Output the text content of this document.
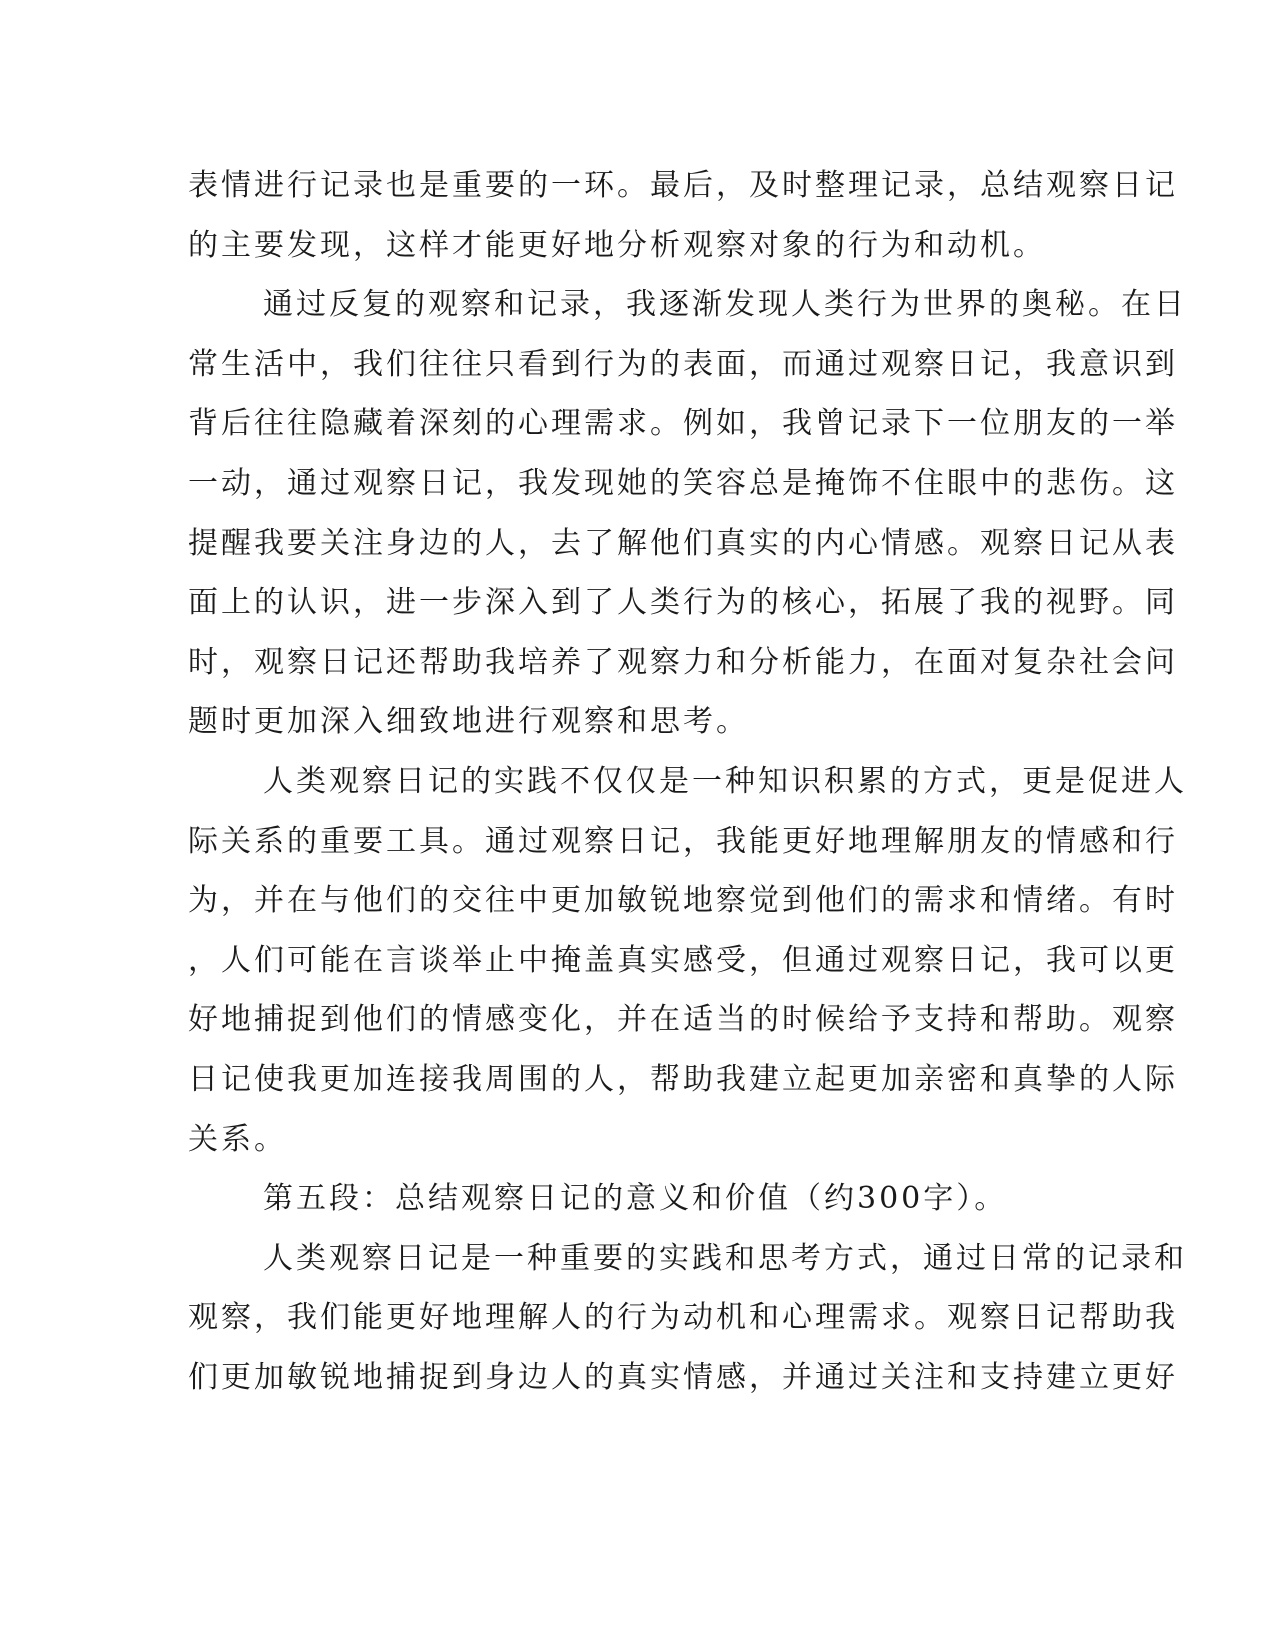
表情进行记录也是重要的一环。最后，及时整理记录，总结观察日记
的主要发现，这样才能更好地分析观察对象的行为和动机。
通过反复的观察和记录，我逐渐发现人类行为世界的奥秘。在日
常生活中，我们往往只看到行为的表面，而通过观察日记，我意识到
背后往往隐藏着深刻的心理需求。例如，我曾记录下一位朋友的一举
一动，通过观察日记，我发现她的笑容总是掩饰不住眼中的悲伤。这
提醒我要关注身边的人，去了解他们真实的内心情感。观察日记从表
面上的认识，进一步深入到了人类行为的核心，拓展了我的视野。同
时，观察日记还帮助我培养了观察力和分析能力，在面对复杂社会问
题时更加深入细致地进行观察和思考。
人类观察日记的实践不仅仅是一种知识积累的方式，更是促进人
际关系的重要工具。通过观察日记，我能更好地理解朋友的情感和行
为，并在与他们的交往中更加敏锐地察觉到他们的需求和情绪。有时
，人们可能在言谈举止中掩盖真实感受，但通过观察日记，我可以更
好地捕捉到他们的情感变化，并在适当的时候给予支持和帮助。观察
日记使我更加连接我周围的人，帮助我建立起更加亲密和真挚的人际
关系。
第五段：总结观察日记的意义和价值（约300字）。
人类观察日记是一种重要的实践和思考方式，通过日常的记录和
观察，我们能更好地理解人的行为动机和心理需求。观察日记帮助我
们更加敏锐地捕捉到身边人的真实情感，并通过关注和支持建立更好
